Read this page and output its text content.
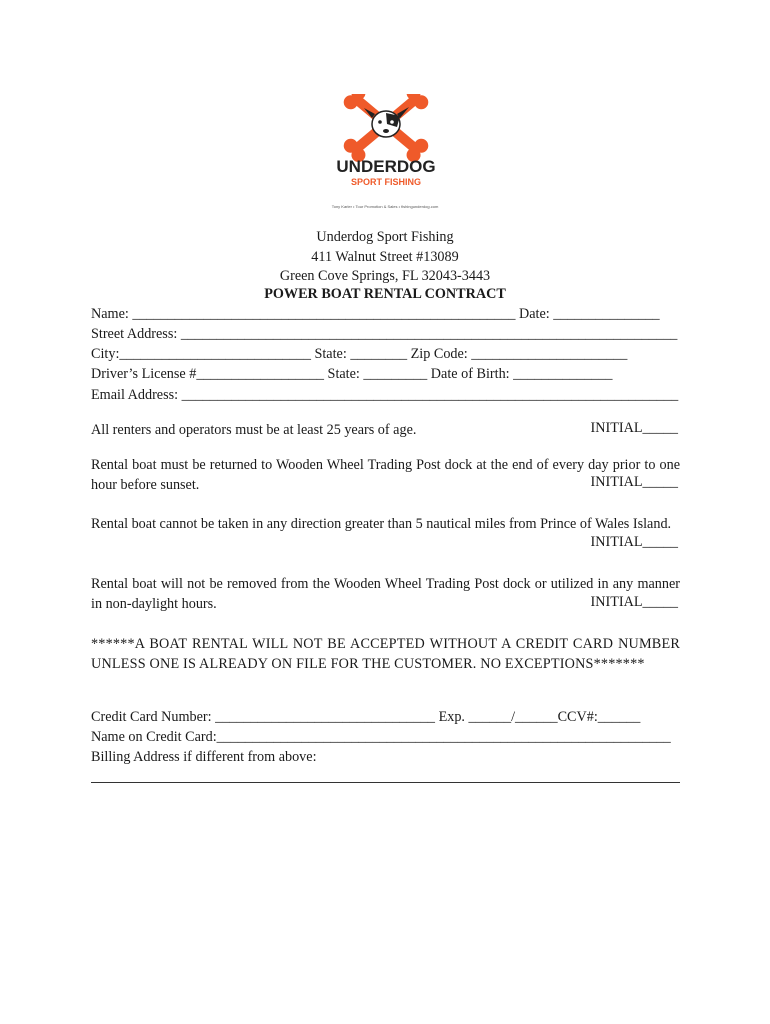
UNDERDOG
SPORT FISHING
Tony Karler • Tour Promotion & Sales • fishingunderdog.com
Underdog Sport Fishing
411 Walnut Street #13089
Green Cove Springs, FL 32043-3443
POWER BOAT RENTAL CONTRACT
Name: ______________________________________________________ Date: _______________
Street Address: ______________________________________________________________________
City:___________________________ State: ________ Zip Code: ______________________
Driver’s License #__________________ State: _________ Date of Birth: ______________
Email Address: ______________________________________________________________________
All renters and operators must be at least 25 years of age.	INITIAL_____
Rental boat must be returned to Wooden Wheel Trading Post dock at the end of every day prior to one hour before sunset.	INITIAL_____
Rental boat cannot be taken in any direction greater than 5 nautical miles from Prince of Wales Island.
INITIAL_____
Rental boat will not be removed from the Wooden Wheel Trading Post dock or utilized in any manner in non-daylight hours.	INITIAL_____
******A BOAT RENTAL WILL NOT BE ACCEPTED WITHOUT A CREDIT CARD NUMBER UNLESS ONE IS ALREADY ON FILE FOR THE CUSTOMER. NO EXCEPTIONS*******
Credit Card Number: _______________________________ Exp. ______/______CCV#:______
Name on Credit Card:________________________________________________________________
Billing Address if different from above:
